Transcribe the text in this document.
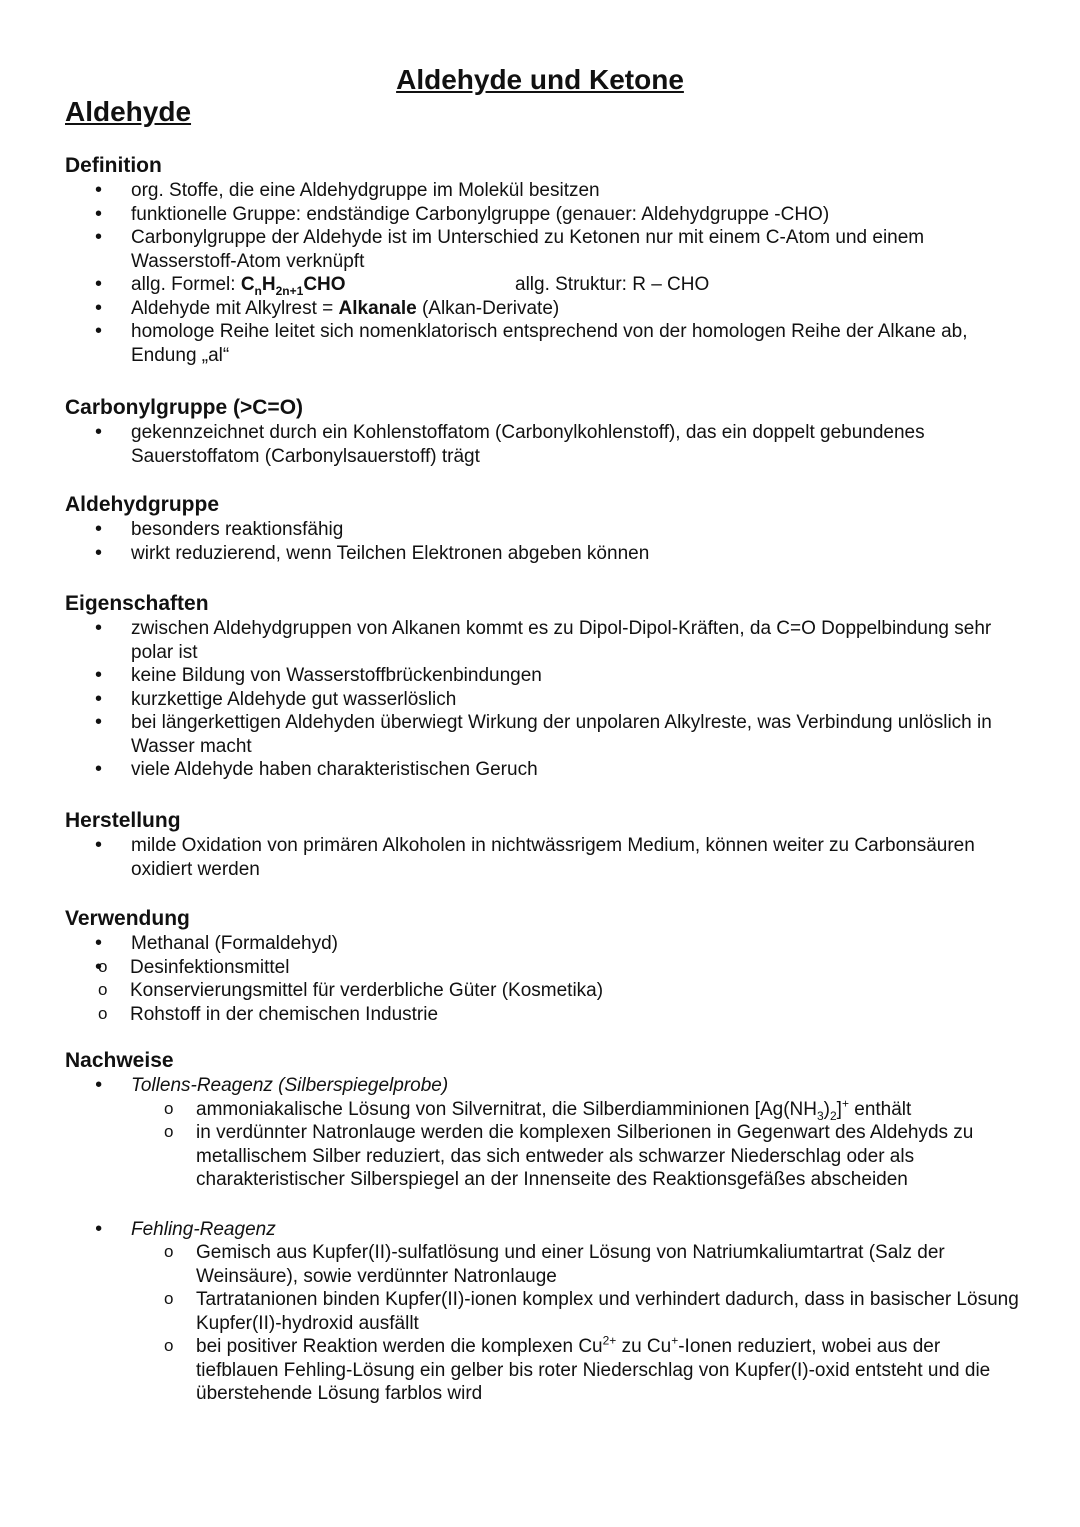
Aldehyde und Ketone
Aldehyde
Definition
• org. Stoffe, die eine Aldehydgruppe im Molekül besitzen
• funktionelle Gruppe: endständige Carbonylgruppe (genauer: Aldehydgruppe -CHO)
• Carbonylgruppe der Aldehyde ist im Unterschied zu Ketonen nur mit einem C-Atom und einem Wasserstoff-Atom verknüpft
• allg. Formel: $C_nH_{2n+1}CHO$	allg. Struktur: R – CHO
• Aldehyde mit Alkylrest = Alkanale (Alkan-Derivate)
• homologe Reihe leitet sich nomenklatorisch entsprechend von der homologen Reihe der Alkane ab, Endung „al“
Carbonylgruppe (>C=O)
• gekennzeichnet durch ein Kohlenstoffatom (Carbonylkohlenstoff), das ein doppelt gebundenes Sauerstoffatom (Carbonylsauerstoff) trägt
Aldehydgruppe
• besonders reaktionsfähig
• wirkt reduzierend, wenn Teilchen Elektronen abgeben können
Eigenschaften
• zwischen Aldehydgruppen von Alkanen kommt es zu Dipol-Dipol-Kräften, da C=O Doppelbindung sehr polar ist
• keine Bildung von Wasserstoffbrückenbindungen
• kurzkettige Aldehyde gut wasserlöslich
• bei längerkettigen Aldehyden überwiegt Wirkung der unpolaren Alkylreste, was Verbindung unlöslich in Wasser macht
• viele Aldehyde haben charakteristischen Geruch
Herstellung
• milde Oxidation von primären Alkoholen in nichtwässrigem Medium, können weiter zu Carbonsäuren oxidiert werden
Verwendung
• Methanal (Formaldehyd)
o • Desinfektionsmittel
o Konservierungsmittel für verderbliche Güter (Kosmetika)
o Rohstoff in der chemischen Industrie
Nachweise
• Tollens-Reagenz (Silberspiegelprobe)
o ammoniakalische Lösung von Silvernitrat, die Silberdiamminionen $[Ag(NH_3)_2]^+$ enthält
o in verdünnter Natronlauge werden die komplexen Silberionen in Gegenwart des Aldehyds zu metallischem Silber reduziert, das sich entweder als schwarzer Niederschlag oder als charakteristischer Silberspiegel an der Innenseite des Reaktionsgefäßes abscheiden
• Fehling-Reagenz
o Gemisch aus Kupfer(II)-sulfatlösung und einer Lösung von Natriumkaliumtartrat (Salz der Weinsäure), sowie verdünnter Natronlauge
o Tartratanionen binden Kupfer(II)-ionen komplex und verhindert dadurch, dass in basischer Lösung Kupfer(II)-hydroxid ausfällt
o bei positiver Reaktion werden die komplexen $Cu^{2+}$ zu Cu+-Ionen reduziert, wobei aus der tiefblauen Fehling-Lösung ein gelber bis roter Niederschlag von Kupfer(I)-oxid entsteht und die überstehende Lösung farblos wird
